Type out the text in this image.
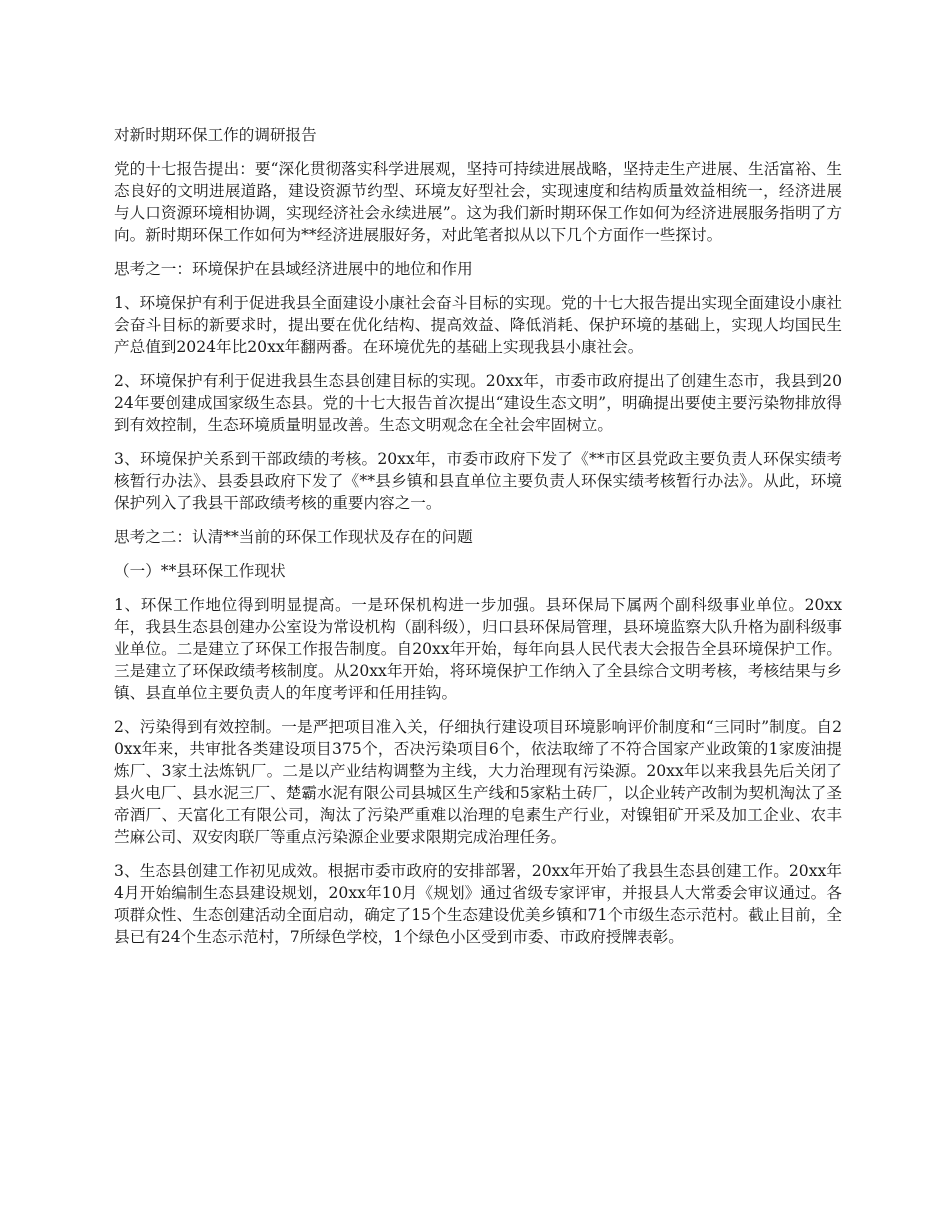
对新时期环保工作的调研报告
党的十七报告提出：要“深化贯彻落实科学进展观，坚持可持续进展战略，坚持走生产进展、生活富裕、生态良好的文明进展道路，建设资源节约型、环境友好型社会，实现速度和结构质量效益相统一，经济进展与人口资源环境相协调，实现经济社会永续进展”。这为我们新时期环保工作如何为经济进展服务指明了方向。新时期环保工作如何为**经济进展服好务，对此笔者拟从以下几个方面作一些探讨。
思考之一：环境保护在县域经济进展中的地位和作用
1、环境保护有利于促进我县全面建设小康社会奋斗目标的实现。党的十七大报告提出实现全面建设小康社会奋斗目标的新要求时，提出要在优化结构、提高效益、降低消耗、保护环境的基础上，实现人均国民生产总值到2024年比20xx年翻两番。在环境优先的基础上实现我县小康社会。
2、环境保护有利于促进我县生态县创建目标的实现。20xx年，市委市政府提出了创建生态市，我县到2024年要创建成国家级生态县。党的十七大报告首次提出“建设生态文明”，明确提出要使主要污染物排放得到有效控制，生态环境质量明显改善。生态文明观念在全社会牢固树立。
3、环境保护关系到干部政绩的考核。20xx年，市委市政府下发了《**市区县党政主要负责人环保实绩考核暂行办法》、县委县政府下发了《**县乡镇和县直单位主要负责人环保实绩考核暂行办法》。从此，环境保护列入了我县干部政绩考核的重要内容之一。
思考之二：认清**当前的环保工作现状及存在的问题
（一）**县环保工作现状
1、环保工作地位得到明显提高。一是环保机构进一步加强。县环保局下属两个副科级事业单位。20xx年，我县生态县创建办公室设为常设机构（副科级），归口县环保局管理，县环境监察大队升格为副科级事业单位。二是建立了环保工作报告制度。自20xx年开始，每年向县人民代表大会报告全县环境保护工作。三是建立了环保政绩考核制度。从20xx年开始，将环境保护工作纳入了全县综合文明考核，考核结果与乡镇、县直单位主要负责人的年度考评和任用挂钩。
2、污染得到有效控制。一是严把项目准入关，仔细执行建设项目环境影响评价制度和“三同时”制度。自20xx年来，共审批各类建设项目375个，否决污染项目6个，依法取缔了不符合国家产业政策的1家废油提炼厂、3家土法炼钒厂。二是以产业结构调整为主线，大力治理现有污染源。20xx年以来我县先后关闭了县火电厂、县水泥三厂、楚霸水泥有限公司县城区生产线和5家粘土砖厂，以企业转产改制为契机淘汰了圣帝酒厂、天富化工有限公司，淘汰了污染严重难以治理的皂素生产行业，对镍钼矿开采及加工企业、农丰苎麻公司、双安肉联厂等重点污染源企业要求限期完成治理任务。
3、生态县创建工作初见成效。根据市委市政府的安排部署，20xx年开始了我县生态县创建工作。20xx年4月开始编制生态县建设规划，20xx年10月《规划》通过省级专家评审，并报县人大常委会审议通过。各项群众性、生态创建活动全面启动，确定了15个生态建设优美乡镇和71个市级生态示范村。截止目前，全县已有24个生态示范村，7所绿色学校，1个绿色小区受到市委、市政府授牌表彰。
